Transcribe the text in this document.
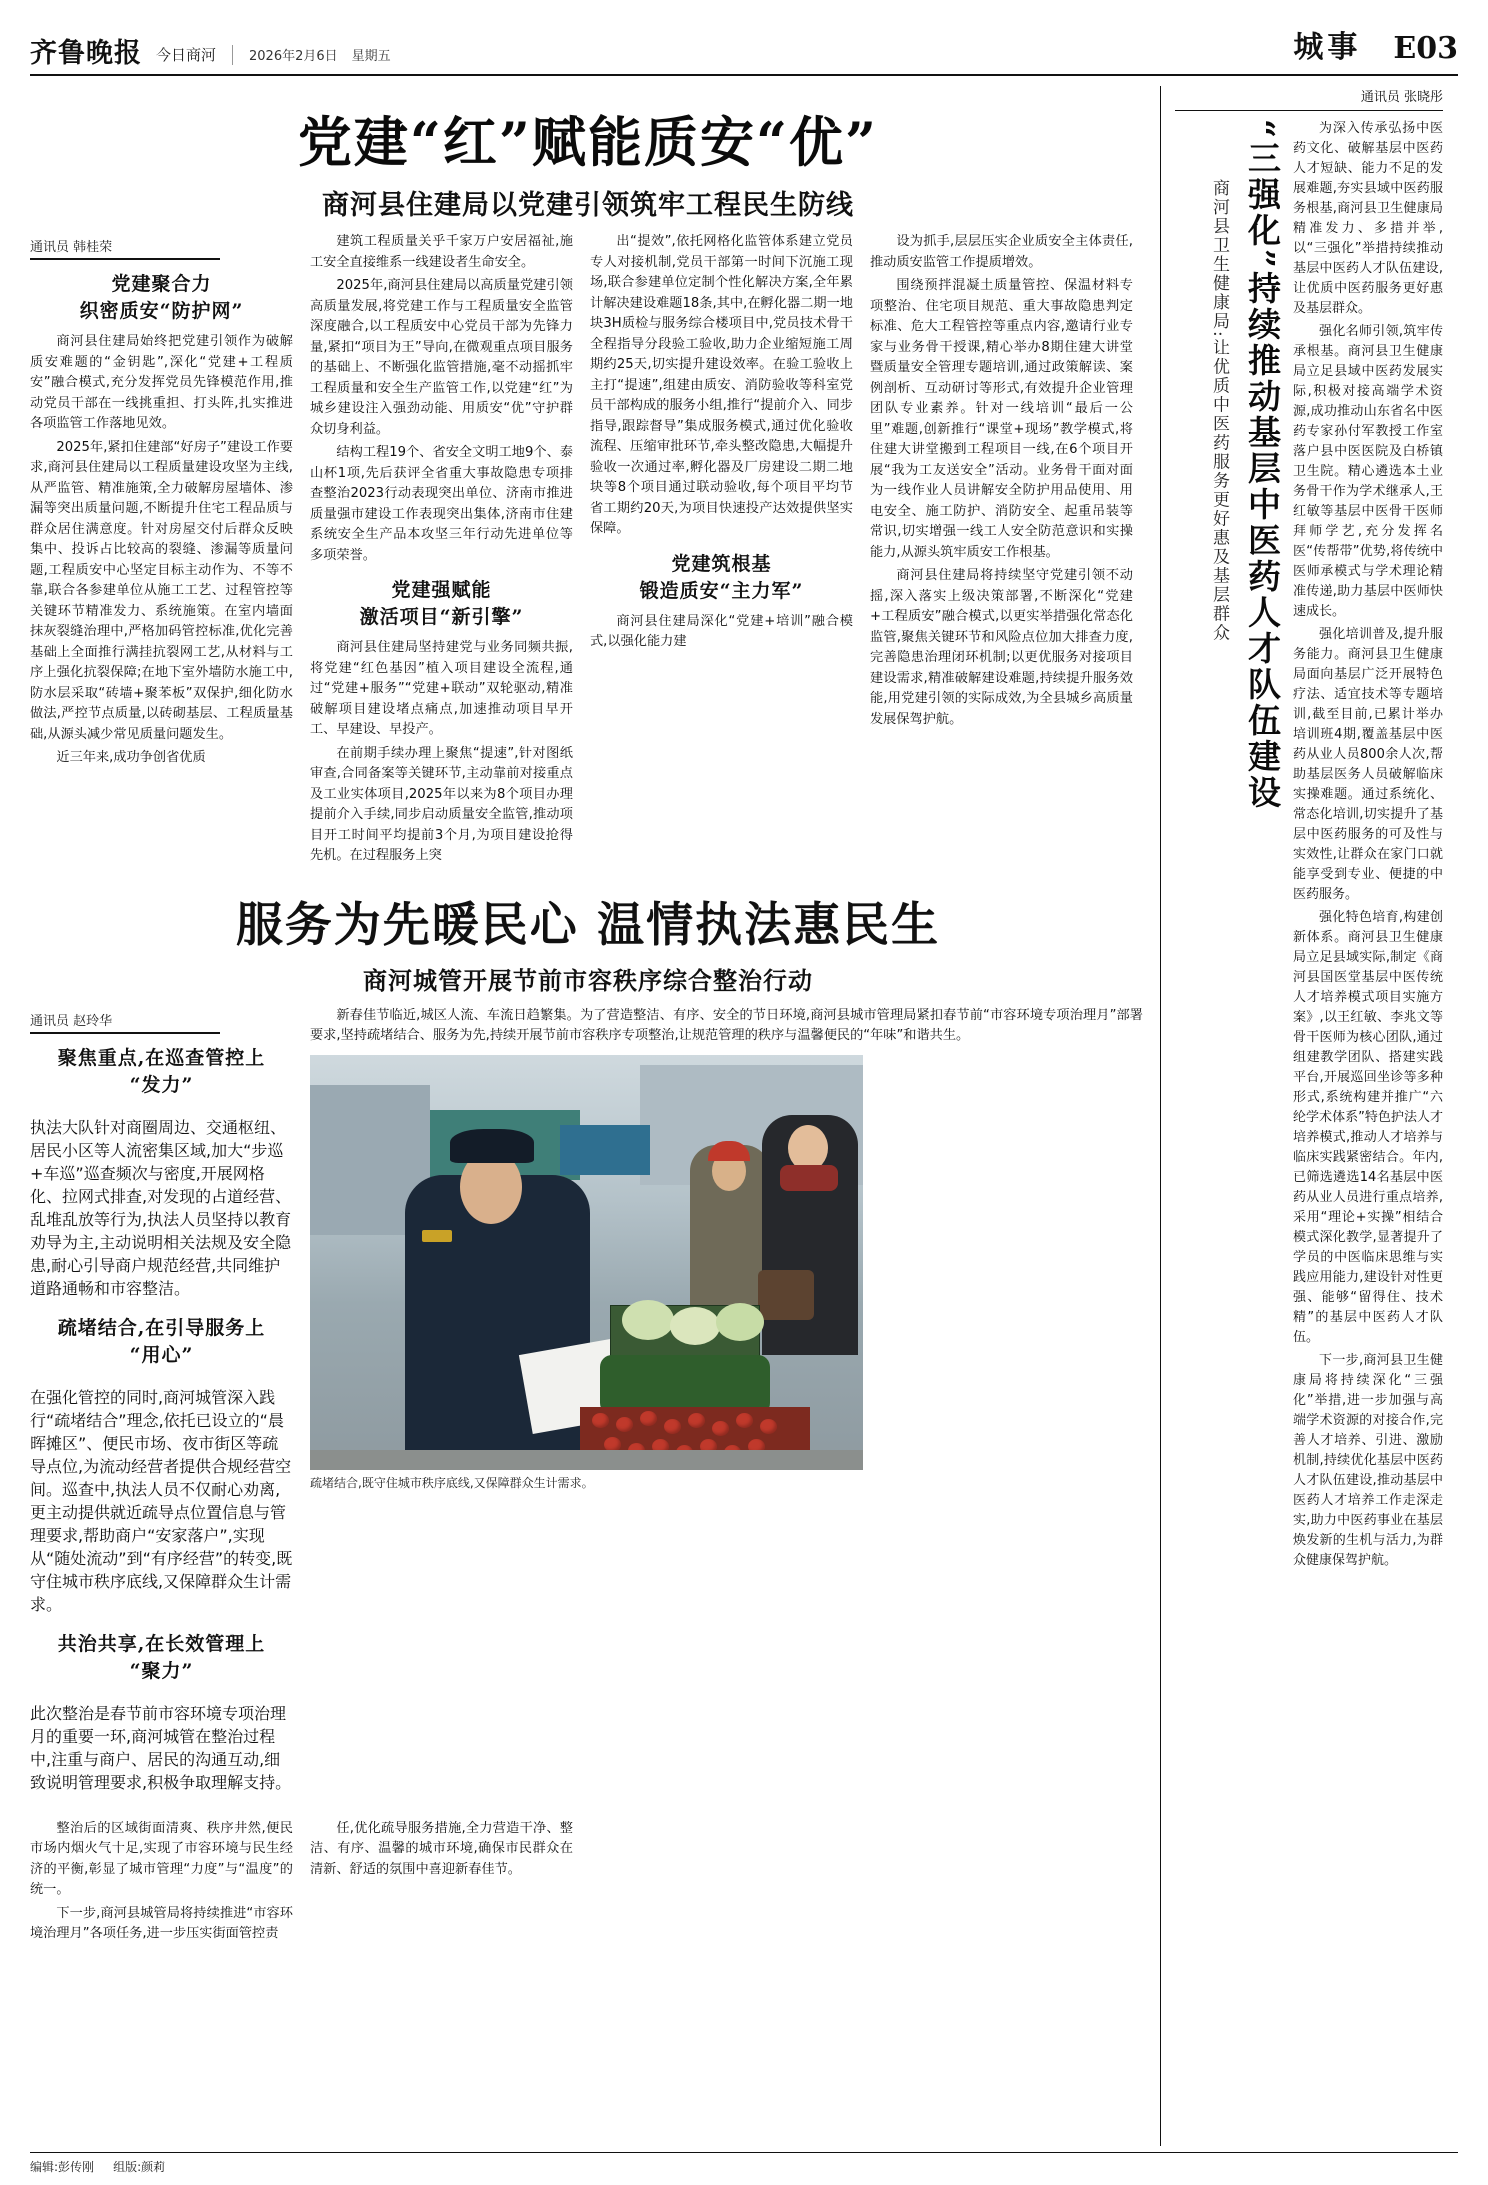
齐鲁晚报 今日商河	2026年2月6日 星期五	城事 E03
党建“红”赋能质安“优”
商河县住建局以党建引领筑牢工程民生防线
通讯员 韩桂荣
党建聚合力
织密质安“防护网”

商河县住建局始终把党建引领作为破解质安难题的“金钥匙”,深化“党建+工程质安”融合模式,充分发挥党员先锋模范作用,推动党员干部在一线挑重担、打头阵,扎实推进各项监管工作落地见效。

2025年,紧扣住建部“好房子”建设工作要求,商河县住建局以工程质量建设攻坚为主线,从严监管、精准施策,全力破解房屋墙体、渗漏等突出质量问题,不断提升住宅工程品质与群众居住满意度。针对房屋交付后群众反映集中、投诉占比较高的裂缝、渗漏等质量问题,工程质安中心坚定目标主动作为、不等不靠,联合各参建单位从施工工艺、过程管控等关键环节精准发力、系统施策。在室内墙面抹灰裂缝治理中,严格加码管控标准,优化完善基础上全面推行满挂抗裂网工艺,从材料与工序上强化抗裂保障;在地下室外墙防水施工中,防水层采取“砖墙+聚苯板”双保护,细化防水做法,严控节点质量,以砖砌基层、工程质量基础,从源头减少常见质量问题发生。

近三年来,成功争创省优质

建筑工程质量关乎千家万户安居福祉,施工安全直接维系一线建设者生命安全。

2025年,商河县住建局以高质量党建引领高质量发展,将党建工作与工程质量安全监管深度融合,以工程质安中心党员干部为先锋力量,紧扣“项目为王”导向,在微观重点项目服务的基础上、不断强化监管措施,毫不动摇抓牢工程质量和安全生产监管工作,以党建“红”为城乡建设注入强劲动能、用质安“优”守护群众切身利益。

结构工程19个、省安全文明工地9个、泰山杯1项,先后获评全省重大事故隐患专项排查整治2023行动表现突出单位、济南市推进质量强市建设工作表现突出集体,济南市住建系统安全生产品本攻坚三年行动先进单位等多项荣誉。

党建强赋能
激活项目“新引擎”

商河县住建局坚持建党与业务同频共振,将党建“红色基因”植入项目建设全流程,通过“党建+服务”“党建+联动”双轮驱动,精准破解项目建设堵点痛点,加速推动项目早开工、早建设、早投产。

在前期手续办理上聚焦“提速”,针对图纸审查,合同备案等关键环节,主动靠前对接重点及工业实体项目,2025年以来为8个项目办理提前介入手续,同步启动质量安全监管,推动项目开工时间平均提前3个月,为项目建设抢得先机。在过程服务上突

出“提效”,依托网格化监管体系建立党员专人对接机制,党员干部第一时间下沉施工现场,联合参建单位定制个性化解决方案,全年累计解决建设难题18条,其中,在孵化器二期一地块3H质检与服务综合楼项目中,党员技术骨干全程指导分段验工验收,助力企业缩短施工周期约25天,切实提升建设效率。在验工验收上主打“提速”,组建由质安、消防验收等科室党员干部构成的服务小组,推行“提前介入、同步指导,跟踪督导”集成服务模式,通过优化验收流程、压缩审批环节,牵头整改隐患,大幅提升验收一次通过率,孵化器及厂房建设二期二地块等8个项目通过联动验收,每个项目平均节省工期约20天,为项目快速投产达效提供坚实保障。

党建筑根基
锻造质安“主力军”

商河县住建局深化“党建+培训”融合模式,以强化能力建

设为抓手,层层压实企业质安全主体责任,推动质安监管工作提质增效。

围绕预拌混凝土质量管控、保温材料专项整治、住宅项目规范、重大事故隐患判定标准、危大工程管控等重点内容,邀请行业专家与业务骨干授课,精心举办8期住建大讲堂暨质量安全管理专题培训,通过政策解读、案例剖析、互动研讨等形式,有效提升企业管理团队专业素养。针对一线培训“最后一公里”难题,创新推行“课堂+现场”教学模式,将住建大讲堂搬到工程项目一线,在6个项目开展“我为工友送安全”活动。业务骨干面对面为一线作业人员讲解安全防护用品使用、用电安全、施工防护、消防安全、起重吊装等常识,切实增强一线工人安全防范意识和实操能力,从源头筑牢质安工作根基。

商河县住建局将持续坚守党建引领不动摇,深入落实上级决策部署,不断深化“党建+工程质安”融合模式,以更实举措强化常态化监管,聚焦关键环节和风险点位加大排查力度,完善隐患治理闭环机制;以更优服务对接项目建设需求,精准破解建设难题,持续提升服务效能,用党建引领的实际成效,为全县城乡高质量发展保驾护航。

服务为先暖民心 温情执法惠民生
商河城管开展节前市容秩序综合整治行动
通讯员 赵玲华
聚焦重点,在巡查管控上
“发力”

执法大队针对商圈周边、交通枢纽、居民小区等人流密集区域,加大“步巡+车巡”巡查频次与密度,开展网格化、拉网式排查,对发现的占道经营、乱堆乱放等行为,执法人员坚持以教育劝导为主,主动说明相关法规及安全隐患,耐心引导商户规范经营,共同维护道路通畅和市容整洁。

疏堵结合,在引导服务上
“用心”

在强化管控的同时,商河城管深入践行“疏堵结合”理念,依托已设立的“晨晖摊区”、便民市场、夜市街区等疏导点位,为流动经营者提供合规经营空间。巡查中,执法人员不仅耐心劝离,更主动提供就近疏导点位置信息与管理要求,帮助商户“安家落户”,实现从“随处流动”到“有序经营”的转变,既守住城市秩序底线,又保障群众生计需求。

共治共享,在长效管理上
“聚力”

此次整治是春节前市容环境专项治理月的重要一环,商河城管在整治过程中,注重与商户、居民的沟通互动,细致说明管理要求,积极争取理解支持。

新春佳节临近,城区人流、车流日趋繁集。为了营造整洁、有序、安全的节日环境,商河县城市管理局紧扣春节前“市容环境专项治理月”部署要求,坚持疏堵结合、服务为先,持续开展节前市容秩序专项整治,让规范管理的秩序与温馨便民的“年味”和谐共生。

疏堵结合,既守住城市秩序底线,又保障群众生计需求。

整治后的区域街面清爽、秩序井然,便民市场内烟火气十足,实现了市容环境与民生经济的平衡,彰显了城市管理“力度”与“温度”的统一。

下一步,商河县城管局将持续推进“市容环境治理月”各项任务,进一步压实街面管控责

任,优化疏导服务措施,全力营造干净、整洁、有序、温馨的城市环境,确保市民群众在清新、舒适的氛围中喜迎新春佳节。

通讯员 张晓彤

为深入传承弘扬中医药文化、破解基层中医药人才短缺、能力不足的发展难题,夯实县域中医药服务根基,商河县卫生健康局精准发力、多措并举,以“三强化”举措持续推动基层中医药人才队伍建设,让优质中医药服务更好惠及基层群众。

强化名师引领,筑牢传承根基。商河县卫生健康局立足县域中医药发展实际,积极对接高端学术资源,成功推动山东省名中医药专家孙付军教授工作室落户县中医医院及白桥镇卫生院。精心遴选本土业务骨干作为学术继承人,王红敏等基层中医骨干医师拜师学艺,充分发挥名医“传帮带”优势,将传统中医师承模式与学术理论精准传递,助力基层中医师快速成长。

强化培训普及,提升服务能力。商河县卫生健康局面向基层广泛开展特色疗法、适宜技术等专题培训,截至目前,已累计举办培训班4期,覆盖基层中医药从业人员800余人次,帮助基层医务人员破解临床实操难题。通过系统化、常态化培训,切实提升了基层中医药服务的可及性与实效性,让群众在家门口就能享受到专业、便捷的中医药服务。

强化特色培育,构建创新体系。商河县卫生健康局立足县域实际,制定《商河县国医堂基层中医传统人才培养模式项目实施方案》,以王红敏、李兆文等骨干医师为核心团队,通过组建教学团队、搭建实践平台,开展巡回坐诊等多种形式,系统构建并推广“六纶学术体系”特色护法人才培养模式,推动人才培养与临床实践紧密结合。年内,已筛选遴选14名基层中医药从业人员进行重点培养,采用“理论+实操”相结合模式深化教学,显著提升了学员的中医临床思维与实践应用能力,建设针对性更强、能够“留得住、技术精”的基层中医药人才队伍。

下一步,商河县卫生健康局将持续深化“三强化”举措,进一步加强与高端学术资源的对接合作,完善人才培养、引进、激励机制,持续优化基层中医药人才队伍建设,推动基层中医药人才培养工作走深走实,助力中医药事业在基层焕发新的生机与活力,为群众健康保驾护航。

“三强化”持续推动基层中医药人才队伍建设
商河县卫生健康局:让优质中医药服务更好惠及基层群众
编辑:彭传刚 组版:颜莉
